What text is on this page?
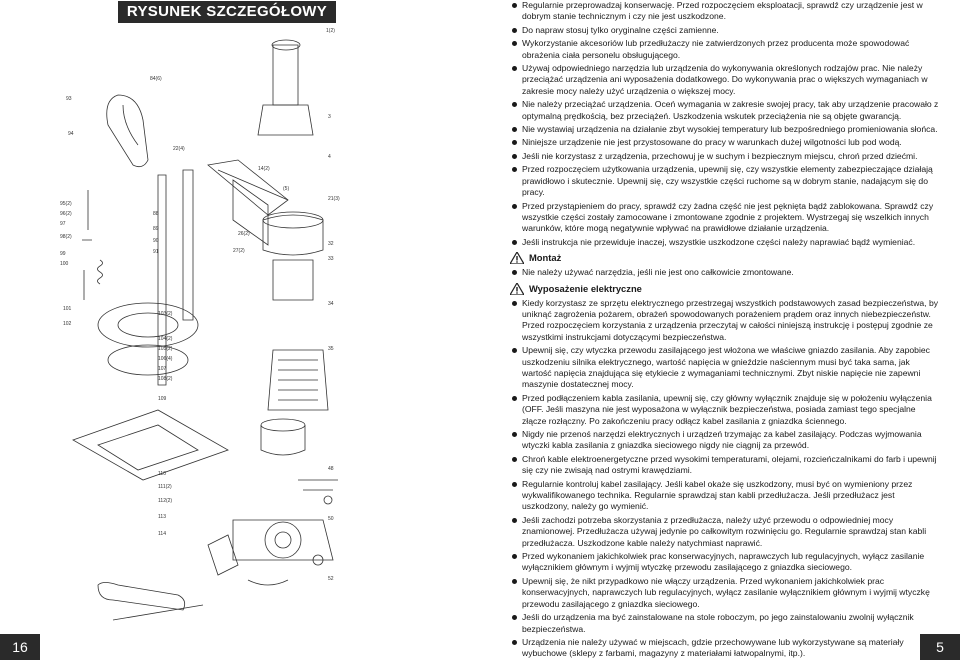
RYSUNEK SZCZEGÓŁOWY
1(2)
84(6)
93
94
3
4
21(3)
22(4)
95(2)
96(2)
97
98(2)
99
100
88
89
90
91
32
33
34
35
103(2)
104(2)
105(2)
106(4)
107
108(2)
109
101
102
110
111(2)
112(2)
113
114
48
50
52
14(2)
(5)
26(2)
27(2)
16
Regularnie przeprowadzaj konserwację. Przed rozpoczęciem eksploatacji, sprawdź czy urządzenie jest w dobrym stanie technicznym i czy nie jest uszkodzone.
Do napraw stosuj tylko oryginalne części zamienne.
Wykorzystanie akcesoriów lub przedłużaczy nie zatwierdzonych przez producenta może spowodować obrażenia ciała personelu obsługującego.
Używaj odpowiedniego narzędzia lub urządzenia do wykonywania określonych rodzajów prac. Nie należy przeciążać urządzenia ani wyposażenia dodatkowego. Do wykonywania prac o większych wymaganiach w zakresie mocy należy użyć urządzenia o większej mocy.
Nie należy przeciążać urządzenia. Oceń wymagania w zakresie swojej pracy, tak aby urządzenie pracowało z optymalną prędkością, bez przeciążeń. Uszkodzenia wskutek przeciążenia nie są objęte gwarancją.
Nie wystawiaj urządzenia na działanie zbyt wysokiej temperatury lub bezpośredniego promieniowania słońca.
Niniejsze urządzenie nie jest przystosowane do pracy w warunkach dużej wilgotności lub pod wodą.
Jeśli nie korzystasz z urządzenia, przechowuj je w suchym i bezpiecznym miejscu, chroń przed dziećmi.
Przed rozpoczęciem użytkowania urządzenia, upewnij się, czy wszystkie elementy zabezpieczające działają prawidłowo i skutecznie. Upewnij się, czy wszystkie części ruchome są w dobrym stanie, nadającym się do pracy.
Przed przystąpieniem do pracy, sprawdź czy żadna część nie jest pęknięta bądź zablokowana. Sprawdź czy wszystkie części zostały zamocowane i zmontowane zgodnie z projektem. Wystrzegaj się wszelkich innych warunków, które mogą negatywnie wpływać na prawidłowe działanie urządzenia.
Jeśli instrukcja nie przewiduje inaczej, wszystkie uszkodzone części należy naprawiać bądź wymieniać.
Montaż
Nie należy używać narzędzia, jeśli nie jest ono całkowicie zmontowane.
Wyposażenie elektryczne
Kiedy korzystasz ze sprzętu elektrycznego przestrzegaj wszystkich podstawowych zasad bezpieczeństwa, by uniknąć zagrożenia pożarem, obrażeń spowodowanych porażeniem prądem oraz innych niebezpieczeństw. Przed rozpoczęciem korzystania z urządzenia przeczytaj w całości niniejszą instrukcję i postępuj zgodnie ze wszystkimi instrukcjami dotyczącymi bezpieczeństwa.
Upewnij się, czy wtyczka przewodu zasilającego jest włożona we właściwe gniazdo zasilania. Aby zapobiec uszkodzeniu silnika elektrycznego, wartość napięcia w gnieździe naściennym musi być taka sama, jak wartość napięcia znajdująca się etykiecie z wymaganiami technicznymi. Zbyt niskie napięcie nie zapewni maszynie dostatecznej mocy.
Przed podłączeniem kabla zasilania, upewnij się, czy główny wyłącznik znajduje się w położeniu wyłączenia (OFF. Jeśli maszyna nie jest wyposażona w wyłącznik bezpieczeństwa, posiada zamiast tego specjalne złącze rozłączny. Po zakończeniu pracy odłącz kabel zasilania z gniazdka ściennego.
Nigdy nie przenoś narzędzi elektrycznych i urządzeń trzymając za kabel zasilający. Podczas wyjmowania wtyczki kabla zasilania z gniazdka sieciowego nigdy nie ciągnij za przewód.
Chroń kable elektroenergetyczne przed wysokimi temperaturami, olejami, rozcieńczalnikami do farb i upewnij się czy nie zwisają nad ostrymi krawędziami.
Regularnie kontroluj kabel zasilający. Jeśli kabel okaże się uszkodzony, musi być on wymieniony przez wykwalifikowanego technika. Regularnie sprawdzaj stan kabli przedłużacza. Jeśli przedłużacz jest uszkodzony, należy go wymienić.
Jeśli zachodzi potrzeba skorzystania z przedłużacza, należy użyć przewodu o odpowiedniej mocy znamionowej. Przedłużacza używaj jedynie po całkowitym rozwinięciu go. Regularnie sprawdzaj stan kabli przedłużacza. Uszkodzone kable należy natychmiast naprawić.
Przed wykonaniem jakichkolwiek prac konserwacyjnych, naprawczych lub regulacyjnych, wyłącz zasilanie wyłącznikiem głównym i wyjmij wtyczkę przewodu zasilającego z gniazdka sieciowego.
Upewnij się, że nikt przypadkowo nie włączy urządzenia. Przed wykonaniem jakichkolwiek prac konserwacyjnych, naprawczych lub regulacyjnych, wyłącz zasilanie wyłącznikiem głównym i wyjmij wtyczkę przewodu zasilającego z gniazdka sieciowego.
Jeśli do urządzenia ma być zainstalowane na stole roboczym, po jego zainstalowaniu zwolnij wyłącznik bezpieczeństwa.
Urządzenia nie należy używać w miejscach, gdzie przechowywane lub wykorzystywane są materiały wybuchowe (sklepy z farbami, magazyny z materiałami łatwopalnymi, itp.).	5
